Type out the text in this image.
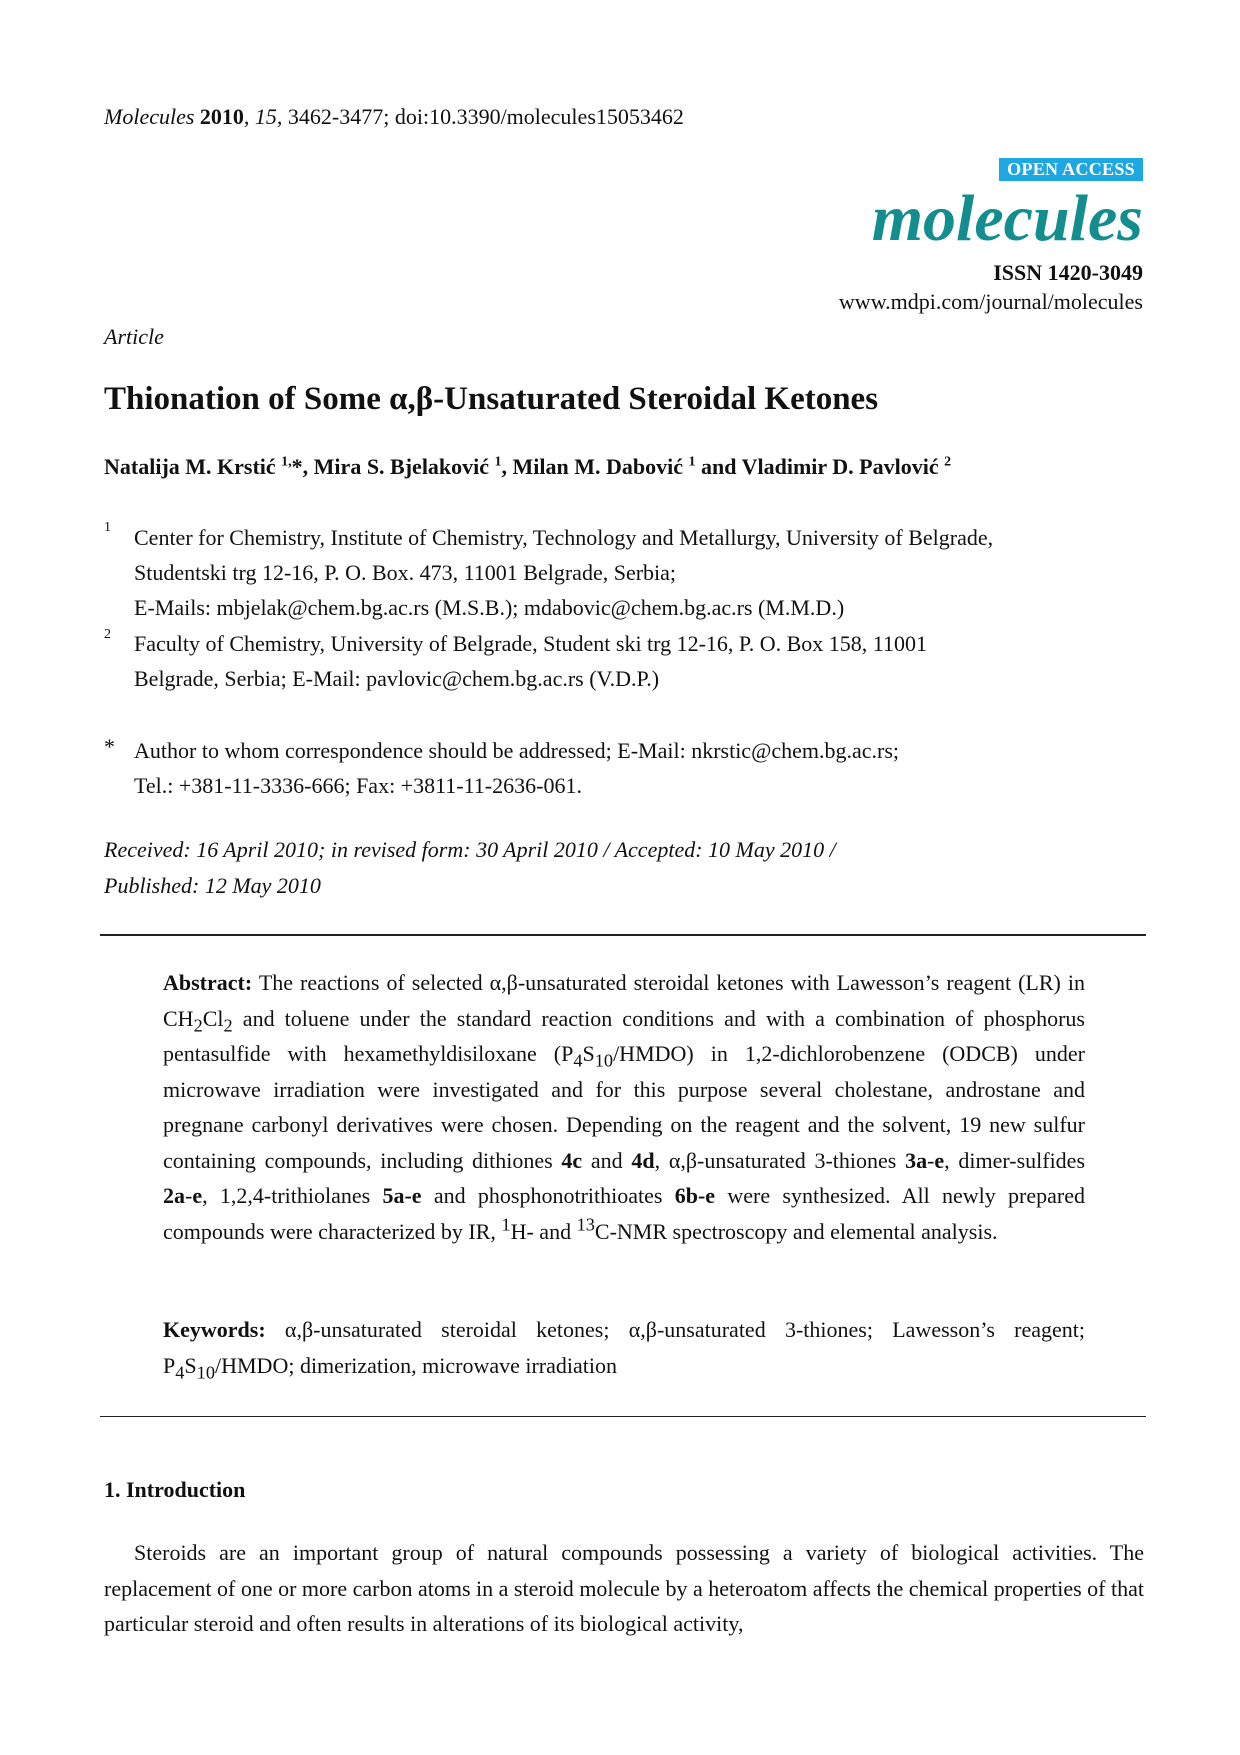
Molecules 2010, 15, 3462-3477; doi:10.3390/molecules15053462
OPEN ACCESS
molecules
ISSN 1420-3049
www.mdpi.com/journal/molecules
Article
Thionation of Some α,β-Unsaturated Steroidal Ketones
Natalija M. Krstić $^{1,}$*, Mira S. Bjelaković $^1$, Milan M. Dabović $^1$ and Vladimir D. Pavlović $^2$
1 Center for Chemistry, Institute of Chemistry, Technology and Metallurgy, University of Belgrade,
Studentski trg 12-16, P. O. Box. 473, 11001 Belgrade, Serbia;
E-Mails: mbjelak@chem.bg.ac.rs (M.S.B.); mdabovic@chem.bg.ac.rs (M.M.D.)
2 Faculty of Chemistry, University of Belgrade, Student ski trg 12-16, P. O. Box 158, 11001
Belgrade, Serbia; E-Mail: pavlovic@chem.bg.ac.rs (V.D.P.)
* Author to whom correspondence should be addressed; E-Mail: nkrstic@chem.bg.ac.rs;
Tel.: +381-11-3336-666; Fax: +3811-11-2636-061.
Received: 16 April 2010; in revised form: 30 April 2010 / Accepted: 10 May 2010 /
Published: 12 May 2010
Abstract: The reactions of selected α,β-unsaturated steroidal ketones with Lawesson’s reagent (LR) in $CH_2Cl_2$ and toluene under the standard reaction conditions and with a combination of phosphorus pentasulfide with hexamethyldisiloxane $(P_4S_{10}/HMDO)$ in 1,2-dichlorobenzene (ODCB) under microwave irradiation were investigated and for this purpose several cholestane, androstane and pregnane carbonyl derivatives were chosen. Depending on the reagent and the solvent, 19 new sulfur containing compounds, including dithiones 4c and 4d, α,β-unsaturated 3-thiones 3a-e, dimer-sulfides 2a-e, 1,2,4-trithiolanes 5a-e and phosphonotrithioates 6b-e were synthesized. All newly prepared compounds were characterized by IR, $^1$H- and $^{13}$C-NMR spectroscopy and elemental analysis.
Keywords: α,β-unsaturated steroidal ketones; α,β-unsaturated 3-thiones; Lawesson’s reagent; $P_4S_{10}$/HMDO; dimerization, microwave irradiation
1. Introduction
Steroids are an important group of natural compounds possessing a variety of biological activities. The replacement of one or more carbon atoms in a steroid molecule by a heteroatom affects the chemical properties of that particular steroid and often results in alterations of its biological activity,
